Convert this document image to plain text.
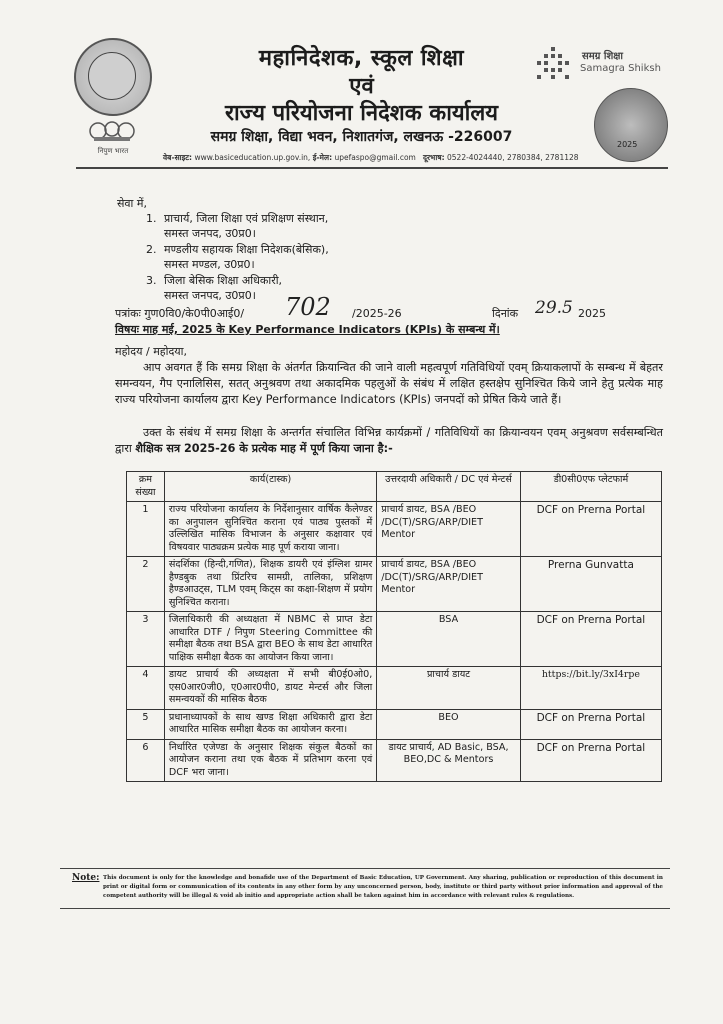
निपुण भारत
महानिदेशक, स्कूल शिक्षा
एवं
राज्य परियोजना निदेशक कार्यालय
समग्र शिक्षा, विद्या भवन, निशातगंज, लखनऊ -226007
वेब-साइट: www.basiceducation.up.gov.in, ई-मेल: upefaspo@gmail.com दूरभाष: 0522-4024440, 2780384, 2781128
समग्र शिक्षा
Samagra Shiksh
2025
सेवा में,
1. प्राचार्य, जिला शिक्षा एवं प्रशिक्षण संस्थान,
समस्त जनपद, उ0प्र0।
2. मण्डलीय सहायक शिक्षा निदेशक(बेसिक),
समस्त मण्डल, उ0प्र0।
3. जिला बेसिक शिक्षा अधिकारी,
समस्त जनपद, उ0प्र0।
पत्रांकः गुण0वि0/के0पी0आई0/ 702 /2025-26	दिनांक 29.5 2025
विषयः माह मई, 2025 के Key Performance Indicators (KPIs) के सम्बन्ध में।
महोदय / महोदया,
आप अवगत हैं कि समग्र शिक्षा के अंतर्गत क्रियान्वित की जाने वाली महत्वपूर्ण गतिविधियों एवम् क्रियाकलापों के सम्बन्ध में बेहतर समन्वयन, गैप एनालिसिस, सतत् अनुश्रवण तथा अकादमिक पहलुओं के संबंध में लक्षित हस्तक्षेप सुनिश्चित किये जाने हेतु प्रत्येक माह राज्य परियोजना कार्यालय द्वारा Key Performance Indicators (KPIs) जनपदों को प्रेषित किये जाते हैं।
उक्त के संबंध में समग्र शिक्षा के अन्तर्गत संचालित विभिन्न कार्यक्रमों / गतिविधियों का क्रियान्वयन एवम् अनुश्रवण सर्वसम्बन्धित द्वारा शैक्षिक सत्र 2025-26 के प्रत्येक माह में पूर्ण किया जाना है:-
क्रम संख्या	कार्य(टास्क)	उत्तरदायी अधिकारी / DC एवं मेन्टर्स	डी0सी0एफ प्लेटफार्म
1	राज्य परियोजना कार्यालय के निर्देशानुसार वार्षिक कैलेण्डर का अनुपालन सुनिश्चित कराना एवं पाठ्य पुस्तकों में उल्लिखित मासिक विभाजन के अनुसार कक्षावार एवं विषयवार पाठ्यक्रम प्रत्येक माह पूर्ण कराया जाना।	प्राचार्य डायट, BSA /BEO /DC(T)/SRG/ARP/DIET Mentor	DCF on Prerna Portal
2	संदर्शिका (हिन्दी,गणित), शिक्षक डायरी एवं इंग्लिश ग्रामर हैण्डबुक तथा प्रिंटरिच सामग्री, तालिका, प्रशिक्षण हैण्डआउट्स, TLM एवम् किट्स का कक्षा-शिक्षण में प्रयोग सुनिश्चित कराना।	प्राचार्य डायट, BSA /BEO /DC(T)/SRG/ARP/DIET Mentor	Prerna Gunvatta
3	जिलाधिकारी की अध्यक्षता में NBMC से प्राप्त डेटा आधारित DTF / निपुण Steering Committee की समीक्षा बैठक तथा BSA द्वारा BEO के साथ डेटा आधारित पाक्षिक समीक्षा बैठक का आयोजन किया जाना।	BSA	DCF on Prerna Portal
4	डायट प्राचार्य की अध्यक्षता में सभी बी0ई0ओ0, एस0आर0जी0, ए0आर0पी0, डायट मेन्टर्स और जिला समन्वयकों की मासिक बैठक	प्राचार्य डायट	https://bit.ly/3xI4rpe
5	प्रधानाध्यापकों के साथ खण्ड शिक्षा अधिकारी द्वारा डेटा आधारित मासिक समीक्षा बैठक का आयोजन करना।	BEO	DCF on Prerna Portal
6	निर्धारित एजेण्डा के अनुसार शिक्षक संकुल बैठकों का आयोजन कराना तथा एक बैठक में प्रतिभाग करना एवं DCF भरा जाना।	डायट प्राचार्य, AD Basic, BSA, BEO,DC & Mentors	DCF on Prerna Portal
Note: This document is only for the knowledge and bonafide use of the Department of Basic Education, UP Government. Any sharing, publication or reproduction of this document in print or digital form or communication of its contents in any other form by any unconcerned person, body, institute or third party without prior information and approval of the competent authority will be illegal & void ab initio and appropriate action shall be taken against him in accordance with relevant rules & regulations.
